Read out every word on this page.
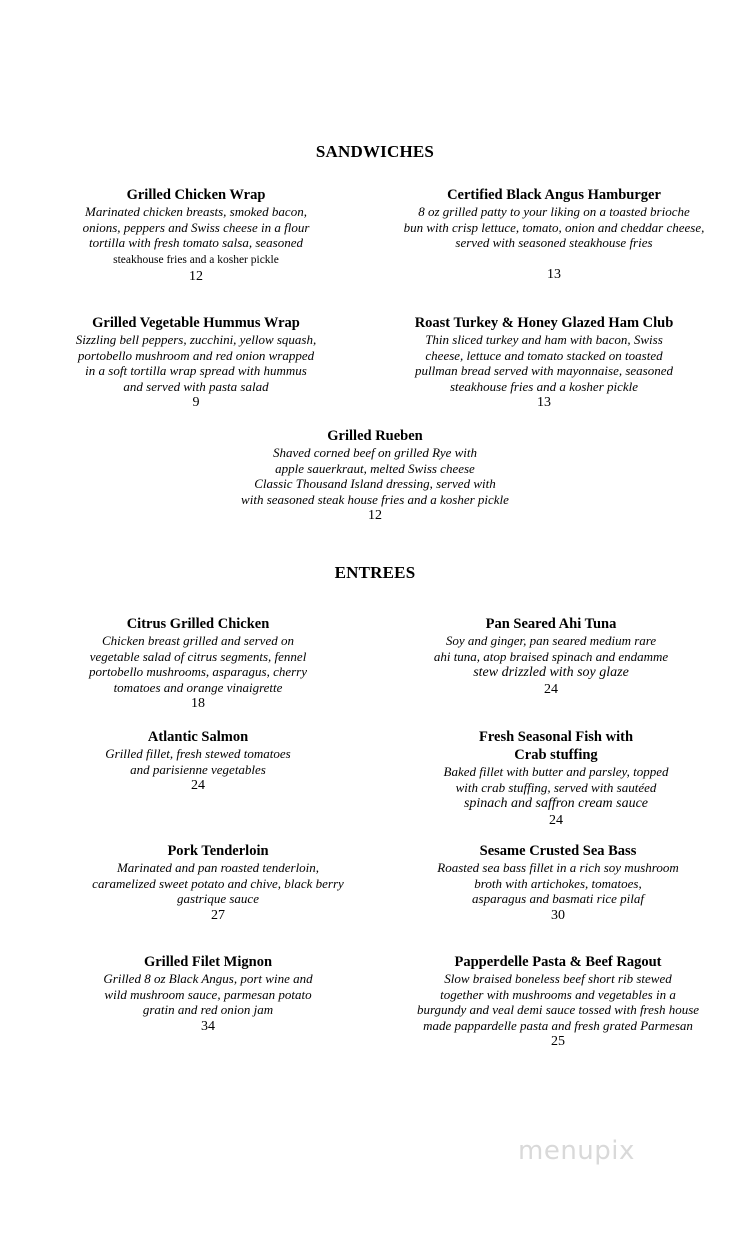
SANDWICHES
Grilled Chicken Wrap
Marinated chicken breasts, smoked bacon,
onions, peppers and Swiss cheese in a flour
tortilla with fresh tomato salsa, seasoned
steakhouse fries and a kosher pickle
12
Certified Black Angus Hamburger
8 oz grilled patty to your liking on a toasted brioche
bun with crisp lettuce, tomato, onion and cheddar cheese,
served with seasoned steakhouse fries
13
Grilled Vegetable Hummus Wrap
Sizzling bell peppers, zucchini, yellow squash,
portobello mushroom and red onion wrapped
in a soft tortilla wrap spread with hummus
and served with pasta salad
9
Roast Turkey & Honey Glazed Ham Club
Thin sliced turkey and ham with bacon, Swiss
cheese, lettuce and tomato stacked on toasted
pullman bread served with mayonnaise, seasoned
steakhouse fries and a kosher pickle
13
Grilled Rueben
Shaved corned beef on grilled Rye with
apple sauerkraut, melted Swiss cheese
Classic Thousand Island dressing, served with
with seasoned steak house fries and a kosher pickle
12
ENTREES
Citrus Grilled Chicken
Chicken breast grilled and served on
vegetable salad of citrus segments, fennel
portobello mushrooms, asparagus, cherry
tomatoes and orange vinaigrette
18
Pan Seared Ahi Tuna
Soy and ginger, pan seared medium rare
ahi tuna, atop braised spinach and endamme
stew drizzled with soy glaze
24
Atlantic Salmon
Grilled fillet, fresh stewed tomatoes
and parisienne vegetables
24
Fresh Seasonal Fish with
Crab stuffing
Baked fillet with butter and parsley, topped
with crab stuffing, served with sautéed
spinach and saffron cream sauce
24
Pork Tenderloin
Marinated and pan roasted tenderloin,
caramelized sweet potato and chive, black berry
gastrique sauce
27
Sesame Crusted Sea Bass
Roasted sea bass fillet in a rich soy mushroom
broth with artichokes, tomatoes,
asparagus and basmati rice pilaf
30
Grilled Filet Mignon
Grilled 8 oz Black Angus, port wine and
wild mushroom sauce, parmesan potato
gratin and red onion jam
34
Papperdelle Pasta & Beef Ragout
Slow braised boneless beef short rib stewed
together with mushrooms and vegetables in a
burgundy and veal demi sauce tossed with fresh house
made pappardelle pasta and fresh grated Parmesan
25
menupix
